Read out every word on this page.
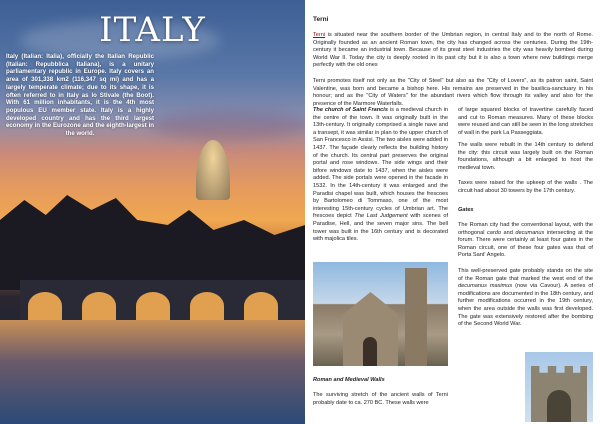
ITALY
Italy (Italian: Italia), officially the Italian Republic (Italian: Repubblica Italiana), is a unitary parliamentary republic in Europe. Italy covers an area of 301,338 km2 (116,347 sq mi) and has a largely temperate climate; due to its shape, it is often referred to in Italy as lo Stivale (the Boot). With 61 million inhabitants, it is the 4th most populous EU member state. Italy is a highly developed country and has the third largest economy in the Eurozone and the eighth-largest in the world.
Terni
Terni is situated near the southern border of the Umbrian region, in central Italy and to the north of Rome. Originally founded as an ancient Roman town, the city has changed across the centuries. During the 19th-century it became an industrial town. Because of its great steel industries the city was heavily bombed during World War II. Today the city is deeply rooted in its past city but it is also a town where new buildings merge perfectly with the old ones
Terni promotes itself not only as the "City of Steel" but also as the "City of Lovers", as its patron saint, Saint Valentine, was born and became a bishop here. His remains are preserved in the basilica-sanctuary in his honour; and as the "City of Waters" for the abundant rivers which flow through its valley and also for the presence of the Marmore Waterfalls.
The church of Saint Francis is a medieval church in the centre of the town. It was originally built in the 13th-century. It originally comprised a single nave and a transept, it was similar in plan to the upper church of San Francesco in Assisi. The two aisles were added in 1437. The façade clearly reflects the building history of the church. Its central part preserves the original portal and rose windows. The side wings and their bifore windows date to 1437, when the aisles were added. The side portals were opened in the facade in 1532. In the 14th-century it was enlarged and the Paradisi chapel was built, which houses the frescoes by Bartolomeo di Tommaso, one of the most interesting 15th-century cycles of Umbrian art. The frescoes depict The Last Judgement with scenes of Paradise, Hell, and the seven major sins. The bell tower was built in the 16th century and is decorated with majolica tiles.
Roman and Medieval Walls
The surviving stretch of the ancient walls of Terni probably date to ca. 270 BC. These walls were
of large squared blocks of travertine carefully faced and cut to Roman measures. Many of these blocks were reused and can still be seen in the long stretches of wall in the park La Passeggiata.
The walls were rebuilt in the 14th century to defend the city: this circuit was largely built on the Roman foundations, although a bit enlarged to host the medieval town.
Taxes were raised for the upkeep of the walls . The circuit had about 30 towers by the 17th century.
Gates
The Roman city had the conventional layout, with the orthogonal cardo and decumanus intersecting at the forum. There were certainly at least four gates in the Roman circuit, one of these four gates was that of Porta Sant' Angelo.
This well-preserved gate probably stands on the site of the Roman gate that marked the west end of the decumanus maximus (now via Cavour). A series of modifications are documented in the 18th century, and further modifications occurred in the 19th century, when the area outside the walls was first developed. The gate was extensively restored after the bombing of the Second World War.
